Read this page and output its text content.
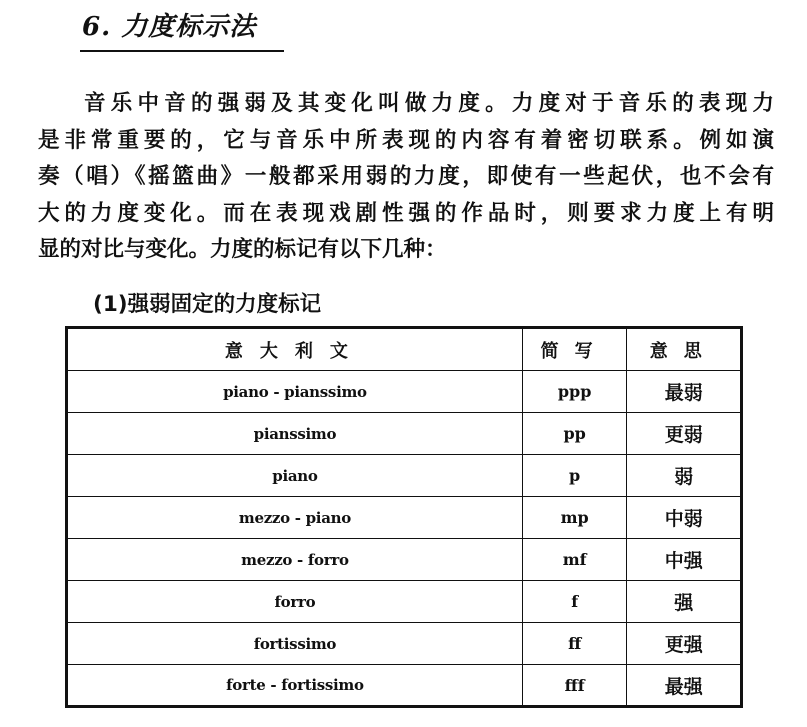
6. 力度标示法

音乐中音的强弱及其变化叫做力度。力度对于音乐的表现力
是非常重要的，它与音乐中所表现的内容有着密切联系。例如演
奏（唱）《摇篮曲》一般都采用弱的力度，即使有一些起伏，也不会有
大的力度变化。而在表现戏剧性强的作品时，则要求力度上有明
显的对比与变化。力度的标记有以下几种：

(1)强弱固定的力度标记
意大利文	简写	意思
piano - pianssimo	ppp	最弱
pianssimo	pp	更弱
piano	p	弱
mezzo - piano	mp	中弱
mezzo - forro	mf	中强
forro	f	强
fortissimo	ff	更强
forte - fortissimo	fff	最强
